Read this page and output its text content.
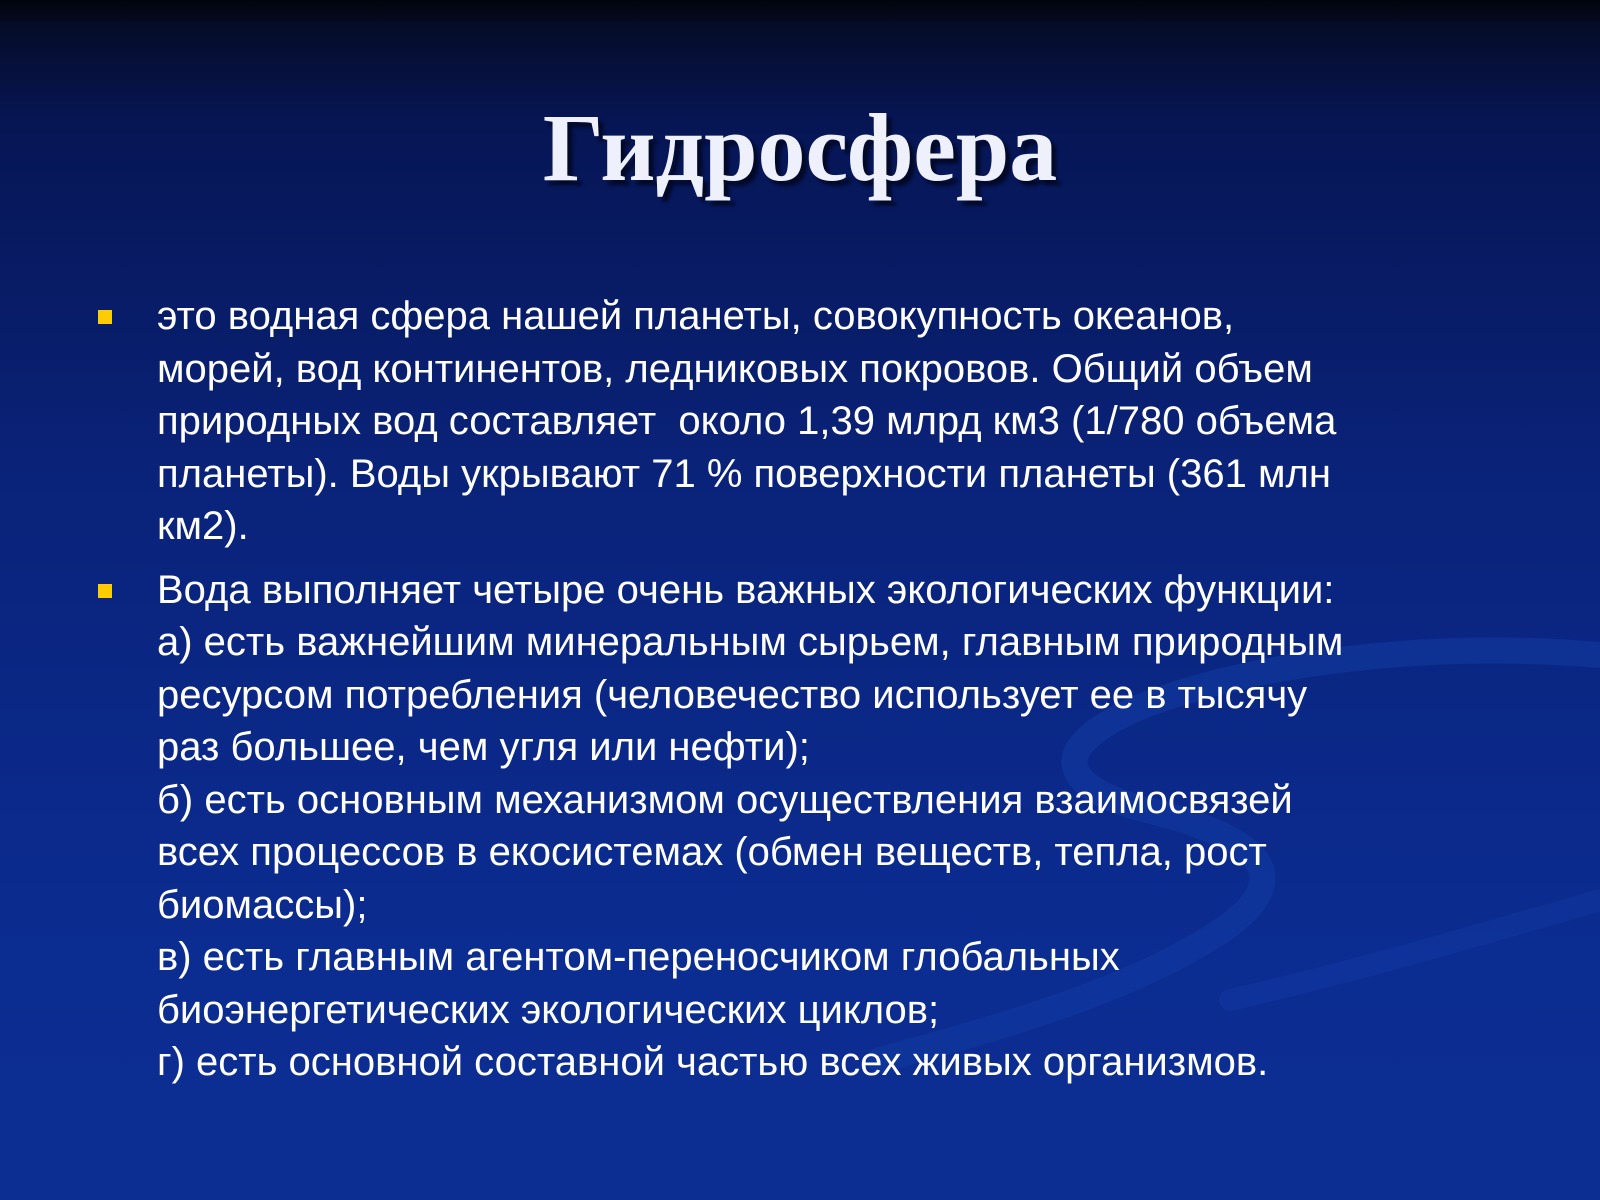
Гидросфера
это водная сфера нашей планеты, совокупность океанов,
морей, вод континентов, ледниковых покровов. Общий объем
природных вод составляет  около 1,39 млрд км3 (1/780 объема
планеты). Воды укрывают 71 % поверхности планеты (361 млн
км2).
Вода выполняет четыре очень важных экологических функции:
а) есть важнейшим минеральным сырьем, главным природным
ресурсом потребления (человечество использует ее в тысячу
раз большее, чем угля или нефти);
б) есть основным механизмом осуществления взаимосвязей
всех процессов в екосистемах (обмен веществ, тепла, рост
биомассы);
в) есть главным агентом-переносчиком глобальных
биоэнергетических экологических циклов;
г) есть основной составной частью всех живых организмов.
